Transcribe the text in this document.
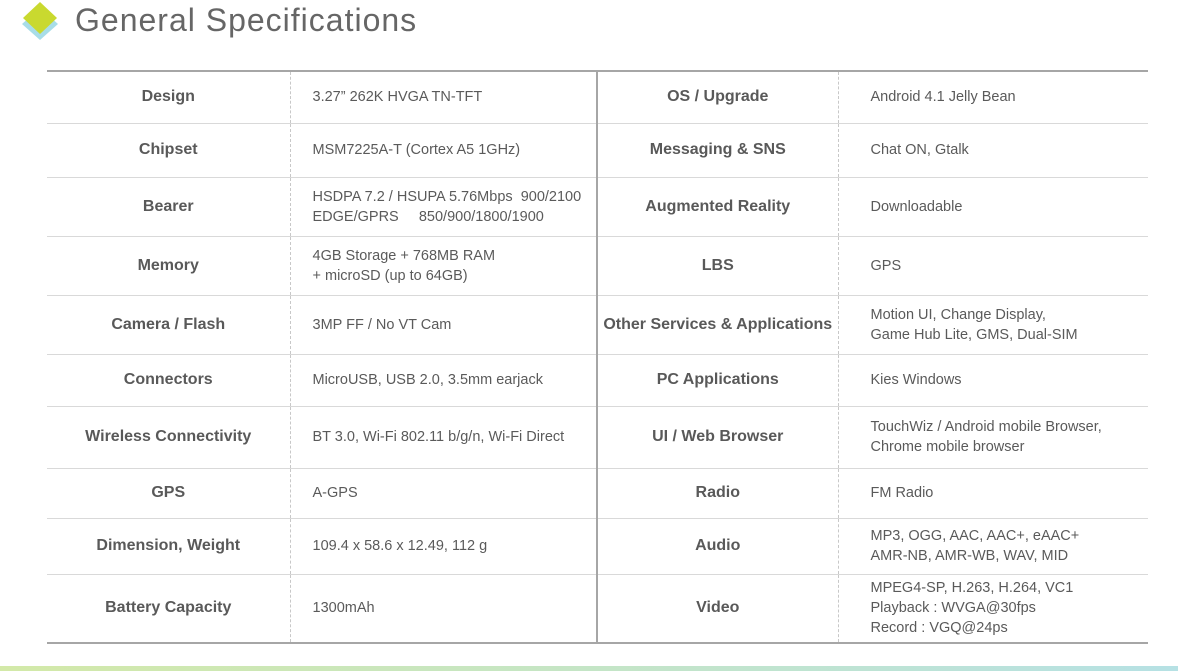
General Specifications
Design	3.27” 262K HVGA TN-TFT	OS / Upgrade	Android 4.1 Jelly Bean

Chipset	MSM7225A-T (Cortex A5 1GHz)	Messaging & SNS	Chat ON, Gtalk

Bearer	HSDPA 7.2 / HSUPA 5.76Mbps  900/2100
EDGE/GPRS     850/900/1800/1900	Augmented Reality	Downloadable

Memory	4GB Storage + 768MB RAM
+ microSD (up to 64GB)	LBS	GPS

Camera / Flash	3MP FF / No VT Cam	Other Services & Applications	Motion UI, Change Display,
Game Hub Lite, GMS, Dual-SIM

Connectors	MicroUSB, USB 2.0, 3.5mm earjack	PC Applications	Kies Windows

Wireless Connectivity	BT 3.0, Wi-Fi 802.11 b/g/n, Wi-Fi Direct	UI / Web Browser	TouchWiz / Android mobile Browser,
Chrome mobile browser

GPS	A-GPS	Radio	FM Radio

Dimension, Weight	109.4 x 58.6 x 12.49, 112 g	Audio	MP3, OGG, AAC, AAC+, eAAC+
AMR-NB, AMR-WB, WAV, MID

Battery Capacity	1300mAh	Video	MPEG4-SP, H.263, H.264, VC1
Playback : WVGA@30fps
Record : VGQ@24ps
